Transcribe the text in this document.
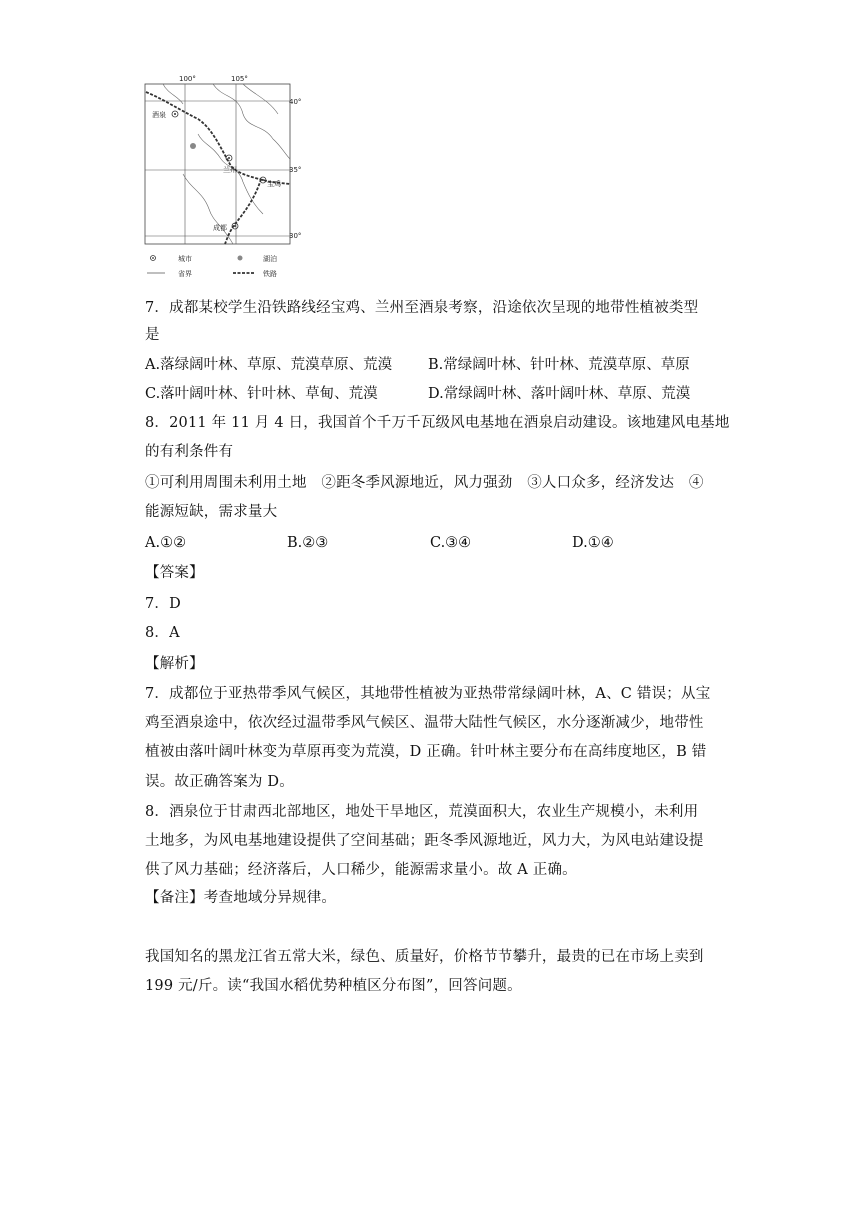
100°	105°
40°
35°
30°
酒泉
兰州
宝鸡
成都
城市	湖泊
省界	铁路
7．成都某校学生沿铁路线经宝鸡、兰州至酒泉考察，沿途依次呈现的地带性植被类型
是
A.落绿阔叶林、草原、荒漠草原、荒漠 B.常绿阔叶林、针叶林、荒漠草原、草原
C.落叶阔叶林、针叶林、草甸、荒漠	D.常绿阔叶林、落叶阔叶林、草原、荒漠
8．2011 年 11 月 4 日，我国首个千万千瓦级风电基地在酒泉启动建设。该地建风电基地
的有利条件有
①可利用周围未利用土地　②距冬季风源地近，风力强劲　③人口众多，经济发达　④
能源短缺，需求量大
A.①②	B.②③	C.③④	D.①④
【答案】
7．D
8．A
【解析】
7．成都位于亚热带季风气候区，其地带性植被为亚热带常绿阔叶林，A、C 错误；从宝
鸡至酒泉途中，依次经过温带季风气候区、温带大陆性气候区，水分逐渐减少，地带性
植被由落叶阔叶林变为草原再变为荒漠，D 正确。针叶林主要分布在高纬度地区，B 错
误。故正确答案为 D。
8．酒泉位于甘肃西北部地区，地处干旱地区，荒漠面积大，农业生产规模小，未利用
土地多，为风电基地建设提供了空间基础；距冬季风源地近，风力大，为风电站建设提
供了风力基础；经济落后，人口稀少，能源需求量小。故 A 正确。
【备注】考查地域分异规律。
我国知名的黑龙江省五常大米，绿色、质量好，价格节节攀升，最贵的已在市场上卖到
199 元/斤。读“我国水稻优势种植区分布图”，回答问题。
